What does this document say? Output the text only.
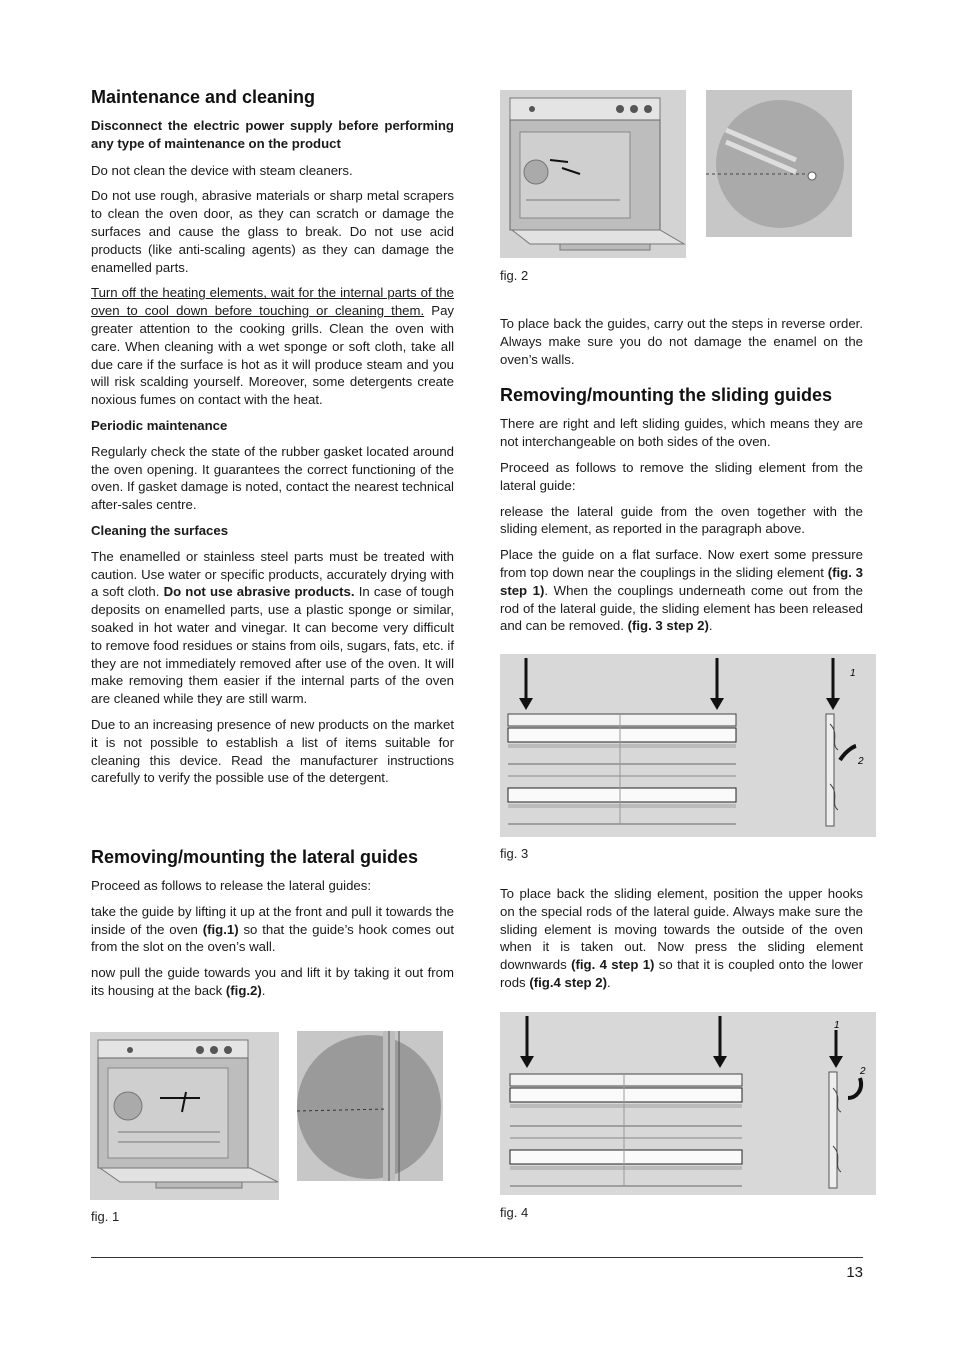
Maintenance and cleaning

Disconnect the electric power supply before performing any type of maintenance on the product

Do not clean the device with steam cleaners.

Do not use rough, abrasive materials or sharp metal scrapers to clean the oven door, as they can scratch or damage the surfaces and cause the glass to break. Do not use acid products (like anti-scaling agents) as they can damage the enamelled parts.

Turn off the heating elements, wait for the internal parts of the oven to cool down before touching or cleaning them. Pay greater attention to the cooking grills. Clean the oven with care. When cleaning with a wet sponge or soft cloth, take all due care if the surface is hot as it will produce steam and you will risk scalding yourself. Moreover, some detergents create noxious fumes on contact with the heat.

Periodic maintenance

Regularly check the state of the rubber gasket located around the oven opening. It guarantees the correct functioning of the oven. If gasket damage is noted, contact the nearest technical after-sales centre.

Cleaning the surfaces

The enamelled or stainless steel parts must be treated with caution. Use water or specific products, accurately drying with a soft cloth. Do not use abrasive products. In case of tough deposits on enamelled parts, use a plastic sponge or similar, soaked in hot water and vinegar. It can become very difficult to remove food residues or stains from oils, sugars, fats, etc. if they are not immediately removed after use of the oven. It will make removing them easier if the internal parts of the oven are cleaned while they are still warm.

Due to an increasing presence of new products on the market it is not possible to establish a list of items suitable for cleaning this device. Read the manufacturer instructions carefully to verify the possible use of the detergent.

Removing/mounting the lateral guides

Proceed as follows to release the lateral guides:

take the guide by lifting it up at the front and pull it towards the inside of the oven (fig.1) so that the guide’s hook comes out from the slot on the oven’s wall.

now pull the guide towards you and lift it by taking it out from its housing at the back (fig.2).

fig. 1
fig. 2

To place back the guides, carry out the steps in reverse order. Always make sure you do not damage the enamel on the oven’s walls.

Removing/mounting the sliding guides

There are right and left sliding guides, which means they are not interchangeable on both sides of the oven.

Proceed as follows to remove the sliding element from the lateral guide:

release the lateral guide from the oven together with the sliding element, as reported in the paragraph above.

Place the guide on a flat surface. Now exert some pressure from top down near the couplings in the sliding element (fig. 3 step 1). When the couplings underneath come out from the rod of the lateral guide, the sliding element has been released and can be removed. (fig. 3 step 2).

1
2
fig. 3

To place back the sliding element, position the upper hooks on the special rods of the lateral guide. Always make sure the sliding element is moving towards the outside of the oven when it is taken out. Now press the sliding element downwards (fig. 4 step 1) so that it is coupled onto the lower rods (fig.4 step 2).

1
2
fig. 4
13
